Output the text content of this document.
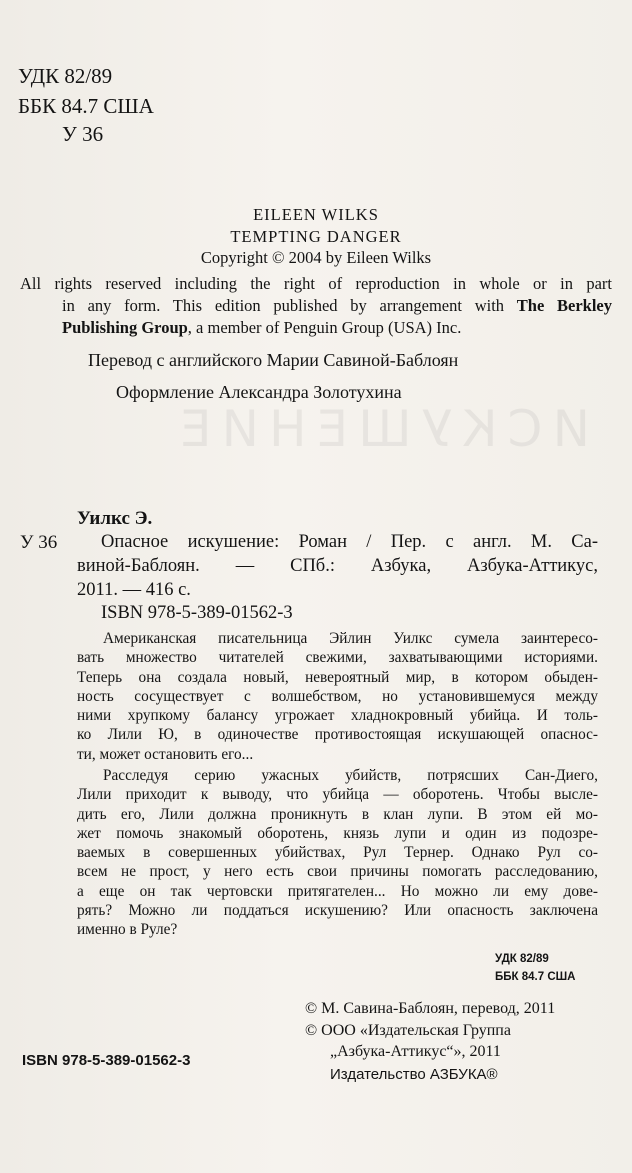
ИСКУШЕНИЕ
УДК 82/89
ББК 84.7 США
У 36
EILEEN WILKS
TEMPTING DANGER
Copyright © 2004 by Eileen Wilks
All rights reserved including the right of reproduction in whole or in part
in any form. This edition published by arrangement with The Berkley
Publishing Group, a member of Penguin Group (USA) Inc.
Перевод с английского Марии Савиной-Баблоян
Оформление Александра Золотухина
Уилкс Э.
У 36 Опасное искушение: Роман / Пер. с англ. М. Са-
виной-Баблоян. — СПб.: Азбука, Азбука-Аттикус,
2011. — 416 с.
ISBN 978-5-389-01562-3
Американская писательница Эйлин Уилкс сумела заинтересо-
вать множество читателей свежими, захватывающими историями.
Теперь она создала новый, невероятный мир, в котором обыден-
ность сосуществует с волшебством, но установившемуся между
ними хрупкому балансу угрожает хладнокровный убийца. И толь-
ко Лили Ю, в одиночестве противостоящая искушающей опаснос-
ти, может остановить его...
Расследуя серию ужасных убийств, потрясших Сан-Диего,
Лили приходит к выводу, что убийца — оборотень. Чтобы высле-
дить его, Лили должна проникнуть в клан лупи. В этом ей мо-
жет помочь знакомый оборотень, князь лупи и один из подозре-
ваемых в совершенных убийствах, Рул Тернер. Однако Рул со-
всем не прост, у него есть свои причины помогать расследованию,
а еще он так чертовски притягателен... Но можно ли ему дове-
рять? Можно ли поддаться искушению? Или опасность заключена
именно в Руле?
УДК 82/89
ББК 84.7 США
© М. Савина-Баблоян, перевод, 2011
© ООО «Издательская Группа
„Азбука-Аттикус“», 2011
Издательство АЗБУКА®
ISBN 978-5-389-01562-3
